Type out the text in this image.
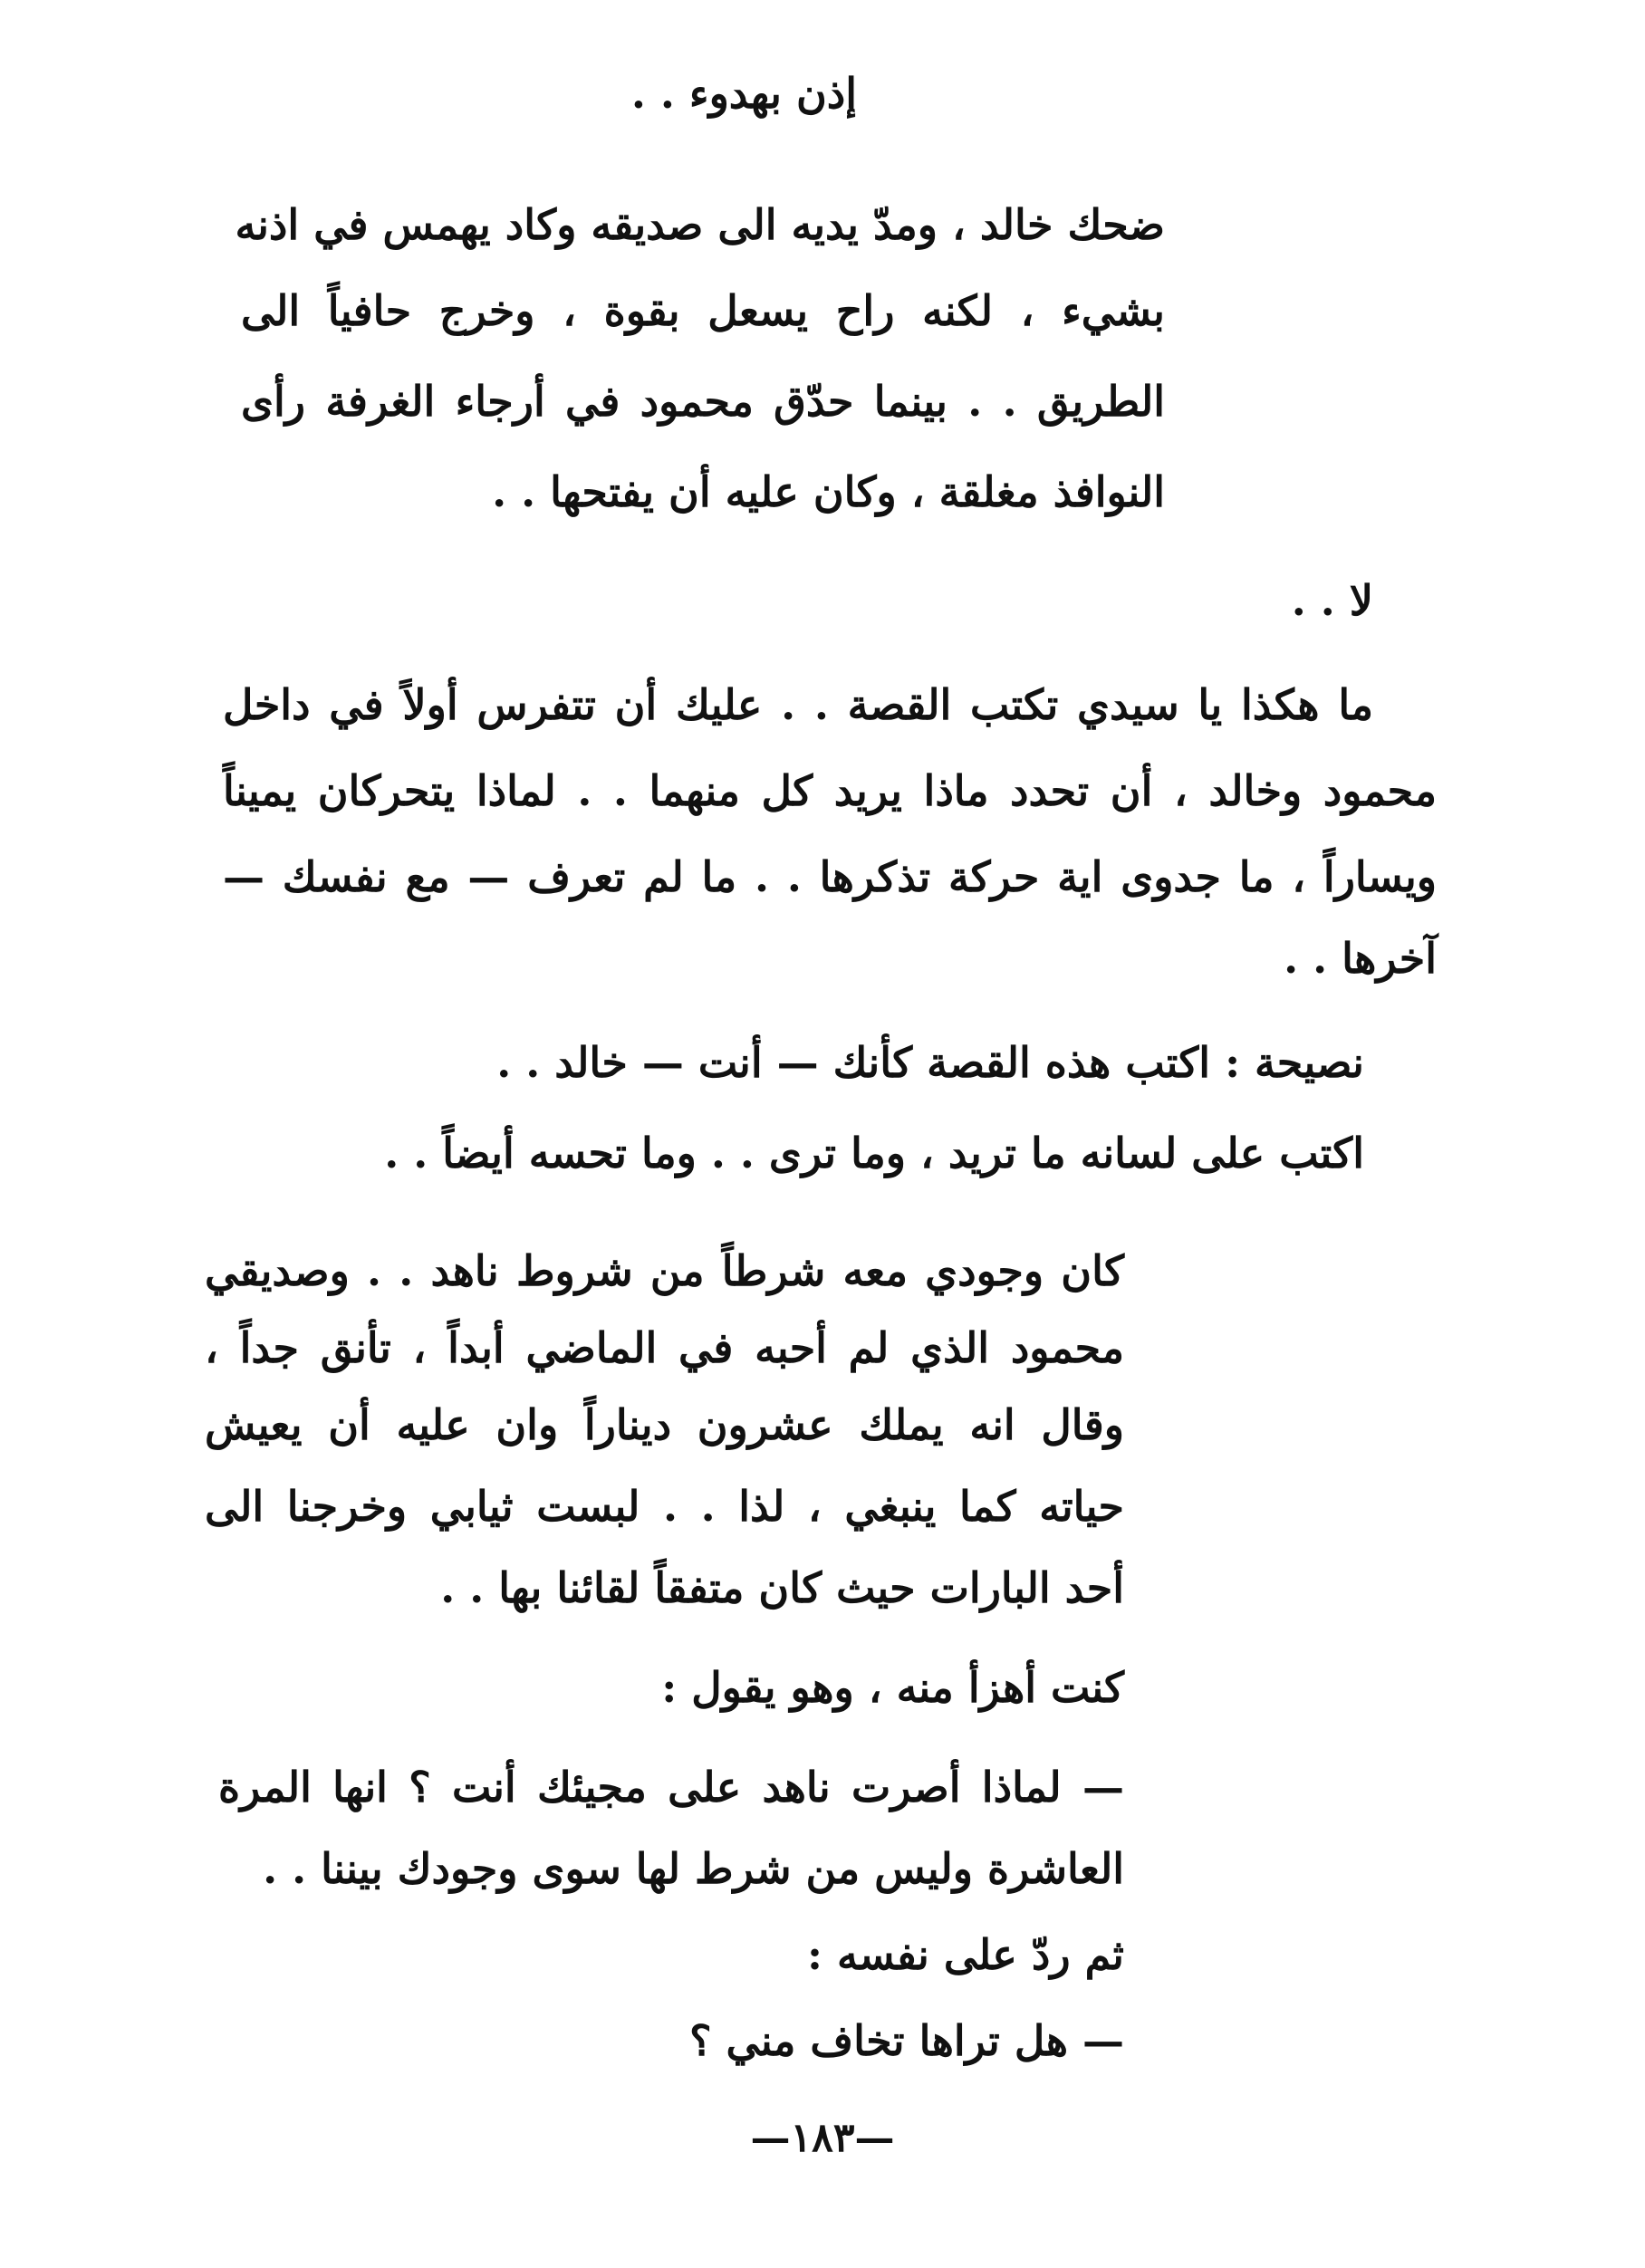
إذن بهدوء . .
ضحك خالد ، ومدّ يديه الى صديقه وكاد يهمس في اذنه
بشيء ، لكنه راح يسعل بقوة ، وخرج حافياً الى
الطريق . . بينما حدّق محمود في أرجاء الغرفة رأى
النوافذ مغلقة ، وكان عليه أن يفتحها . .
لا . .
ما هكذا يا سيدي تكتب القصة . . عليك أن تتفرس أولاً في داخل
محمود وخالد ، أن تحدد ماذا يريد كل منهما . . لماذا يتحركان يميناً
ويساراً ، ما جدوى اية حركة تذكرها . . ما لم تعرف — مع نفسك —
آخرها . .
نصيحة : اكتب هذه القصة كأنك — أنت — خالد . .
اكتب على لسانه ما تريد ، وما ترى . . وما تحسه أيضاً . .
كان وجودي معه شرطاً من شروط ناهد . . وصديقي
محمود الذي لم أحبه في الماضي أبداً ، تأنق جداً ،
وقال انه يملك عشرون ديناراً وان عليه أن يعيش
حياته كما ينبغي ، لذا . . لبست ثيابي وخرجنا الى
أحد البارات حيث كان متفقاً لقائنا بها . .
كنت أهزأ منه ، وهو يقول :
— لماذا أصرت ناهد على مجيئك أنت ؟ انها المرة
العاشرة وليس من شرط لها سوى وجودك بيننا . .
ثم ردّ على نفسه :
— هل تراها تخاف مني ؟
—١٨٣—
